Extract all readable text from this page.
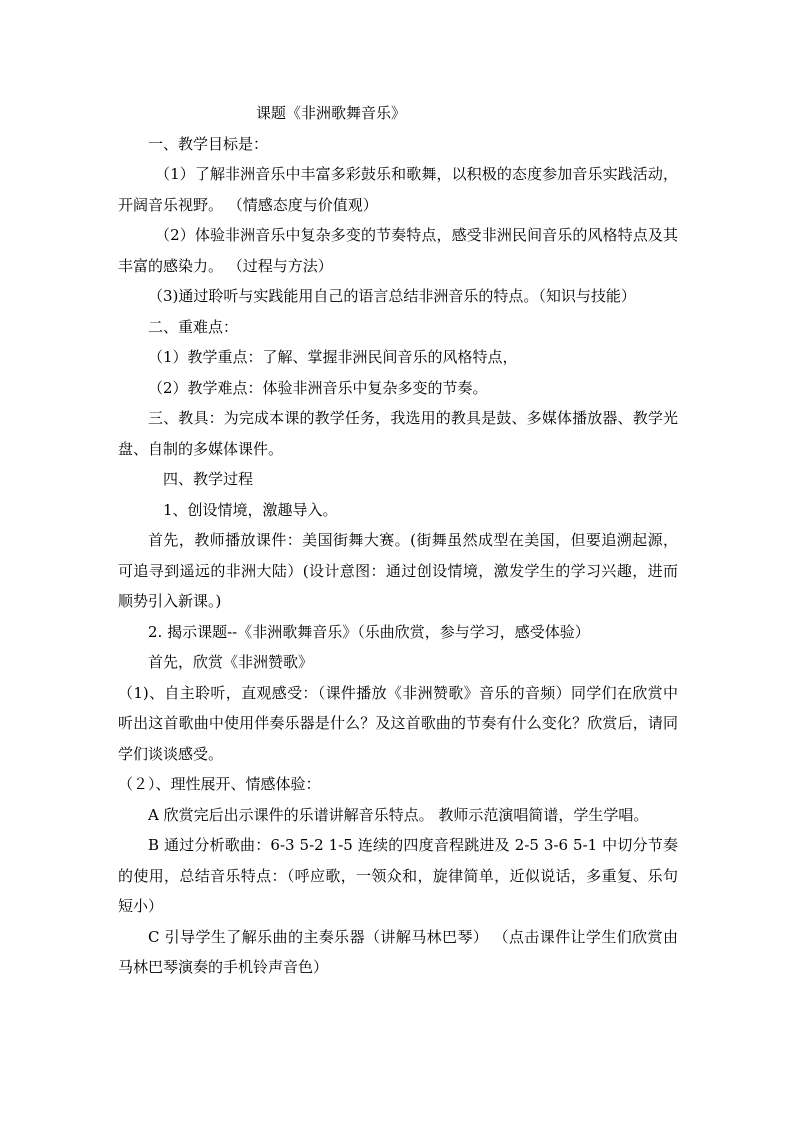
课题《非洲歌舞音乐》

一、教学目标是：

（1）了解非洲音乐中丰富多彩鼓乐和歌舞，以积极的态度参加音乐实践活动，开阔音乐视野。 （情感态度与价值观）

（2）体验非洲音乐中复杂多变的节奏特点，感受非洲民间音乐的风格特点及其丰富的感染力。 （过程与方法）

（3)通过聆听与实践能用自己的语言总结非洲音乐的特点。（知识与技能）

二、重难点：

（1）教学重点：了解、掌握非洲民间音乐的风格特点，

（2）教学难点：体验非洲音乐中复杂多变的节奏。

三、教具：为完成本课的教学任务，我选用的教具是鼓、多媒体播放器、教学光盘、自制的多媒体课件。

四、教学过程

1、创设情境，激趣导入。

首先，教师播放课件：美国街舞大赛。(街舞虽然成型在美国，但要追溯起源，可追寻到遥远的非洲大陆）(设计意图：通过创设情境，激发学生的学习兴趣，进而顺势引入新课。)

2. 揭示课题--《非洲歌舞音乐》（乐曲欣赏，参与学习，感受体验）

首先，欣赏《非洲赞歌》

（1)、自主聆听，直观感受：（课件播放《非洲赞歌》音乐的音频）同学们在欣赏中听出这首歌曲中使用伴奏乐器是什么？及这首歌曲的节奏有什么变化？欣赏后，请同学们谈谈感受。

（２）、理性展开、情感体验：

A 欣赏完后出示课件的乐谱讲解音乐特点。 教师示范演唱简谱，学生学唱。

B 通过分析歌曲：6-3 5-2 1-5 连续的四度音程跳进及 2-5 3-6 5-1 中切分节奏的使用，总结音乐特点：（呼应歌，一领众和，旋律简单，近似说话，多重复、乐句短小）

C 引导学生了解乐曲的主奏乐器（讲解马林巴琴） （点击课件让学生们欣赏由马林巴琴演奏的手机铃声音色）
